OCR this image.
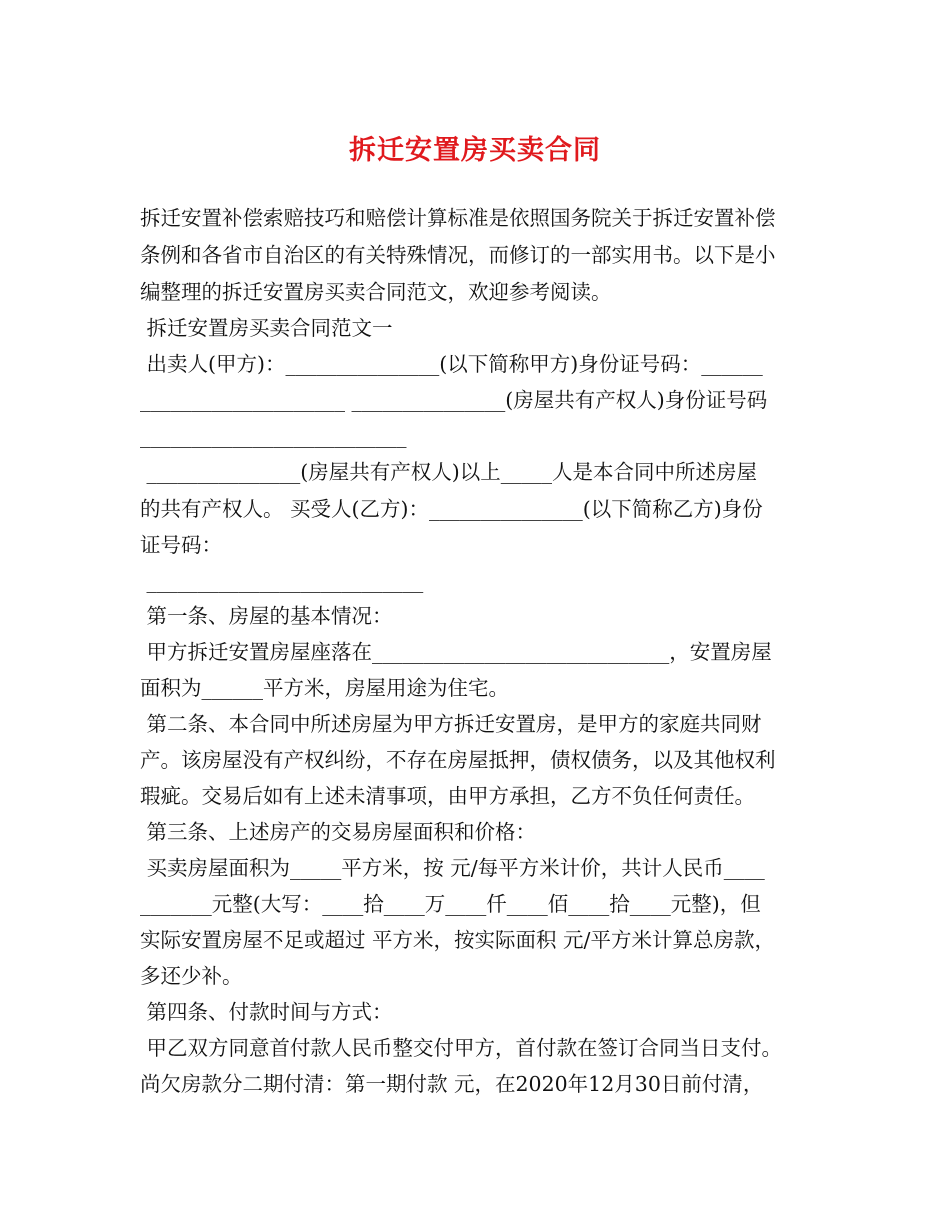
拆迁安置房买卖合同
拆迁安置补偿索赔技巧和赔偿计算标准是依照国务院关于拆迁安置补偿
条例和各省市自治区的有关特殊情况，而修订的一部实用书。以下是小
编整理的拆迁安置房买卖合同范文，欢迎参考阅读。
拆迁安置房买卖合同范文一
出卖人(甲方)：_______________(以下简称甲方)身份证号码：______
____________________ _______________(房屋共有产权人)身份证号码
__________________________
_______________(房屋共有产权人)以上_____人是本合同中所述房屋
的共有产权人。 买受人(乙方)：_______________(以下简称乙方)身份
证号码：
___________________________
第一条、房屋的基本情况：
甲方拆迁安置房屋座落在_____________________________，安置房屋
面积为______平方米，房屋用途为住宅。
第二条、本合同中所述房屋为甲方拆迁安置房，是甲方的家庭共同财
产。该房屋没有产权纠纷，不存在房屋抵押，债权债务，以及其他权利
瑕疵。交易后如有上述未清事项，由甲方承担，乙方不负任何责任。
第三条、上述房产的交易房屋面积和价格：
买卖房屋面积为_____平方米，按 元/每平方米计价，共计人民币____
_______元整(大写：____拾____万____仟____佰____拾____元整)，但
实际安置房屋不足或超过 平方米，按实际面积 元/平方米计算总房款，
多还少补。
第四条、付款时间与方式：
甲乙双方同意首付款人民币整交付甲方，首付款在签订合同当日支付。
尚欠房款分二期付清：第一期付款 元，在2020年12月30日前付清，
